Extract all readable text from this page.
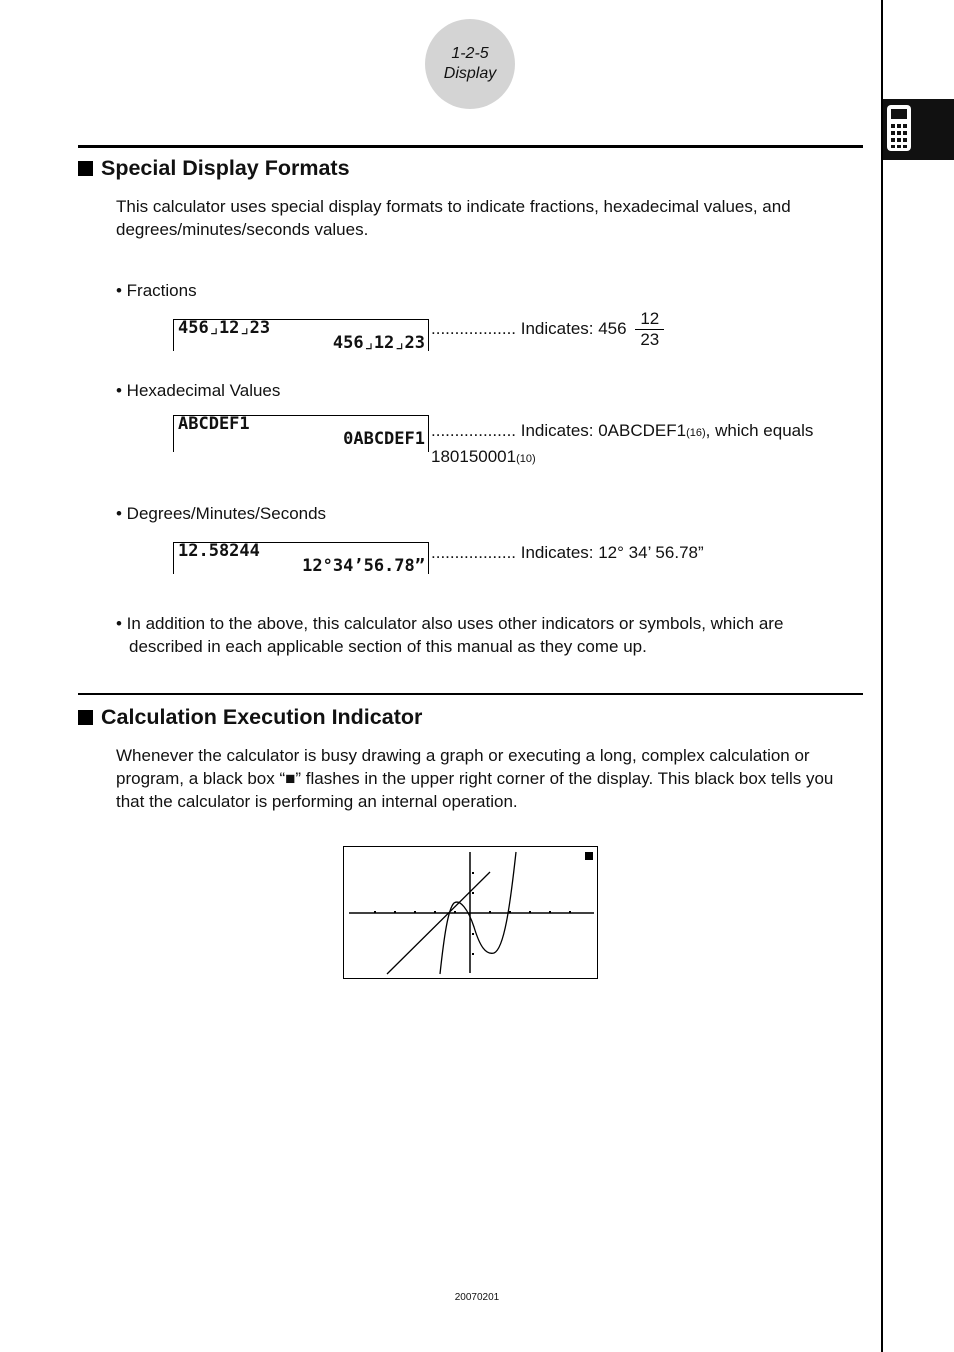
1-2-5
Display
Special Display Formats
This calculator uses special display formats to indicate fractions, hexadecimal values, and degrees/minutes/seconds values.
• Fractions
456⌟12⌟23
456⌟12⌟23
.................. Indicates: $456 \frac{12}{23}$
• Hexadecimal Values
ABCDEF1
0ABCDEF1 .................. Indicates: 0ABCDEF1(16), which equals
180150001(10)
• Degrees/Minutes/Seconds
12.58244
12°34’56.78”
.................. Indicates: 12° 34’ 56.78”
• In addition to the above, this calculator also uses other indicators or symbols, which are described in each applicable section of this manual as they come up.
Calculation Execution Indicator
Whenever the calculator is busy drawing a graph or executing a long, complex calculation or program, a black box “■” flashes in the upper right corner of the display. This black box tells you that the calculator is performing an internal operation.
20070201
